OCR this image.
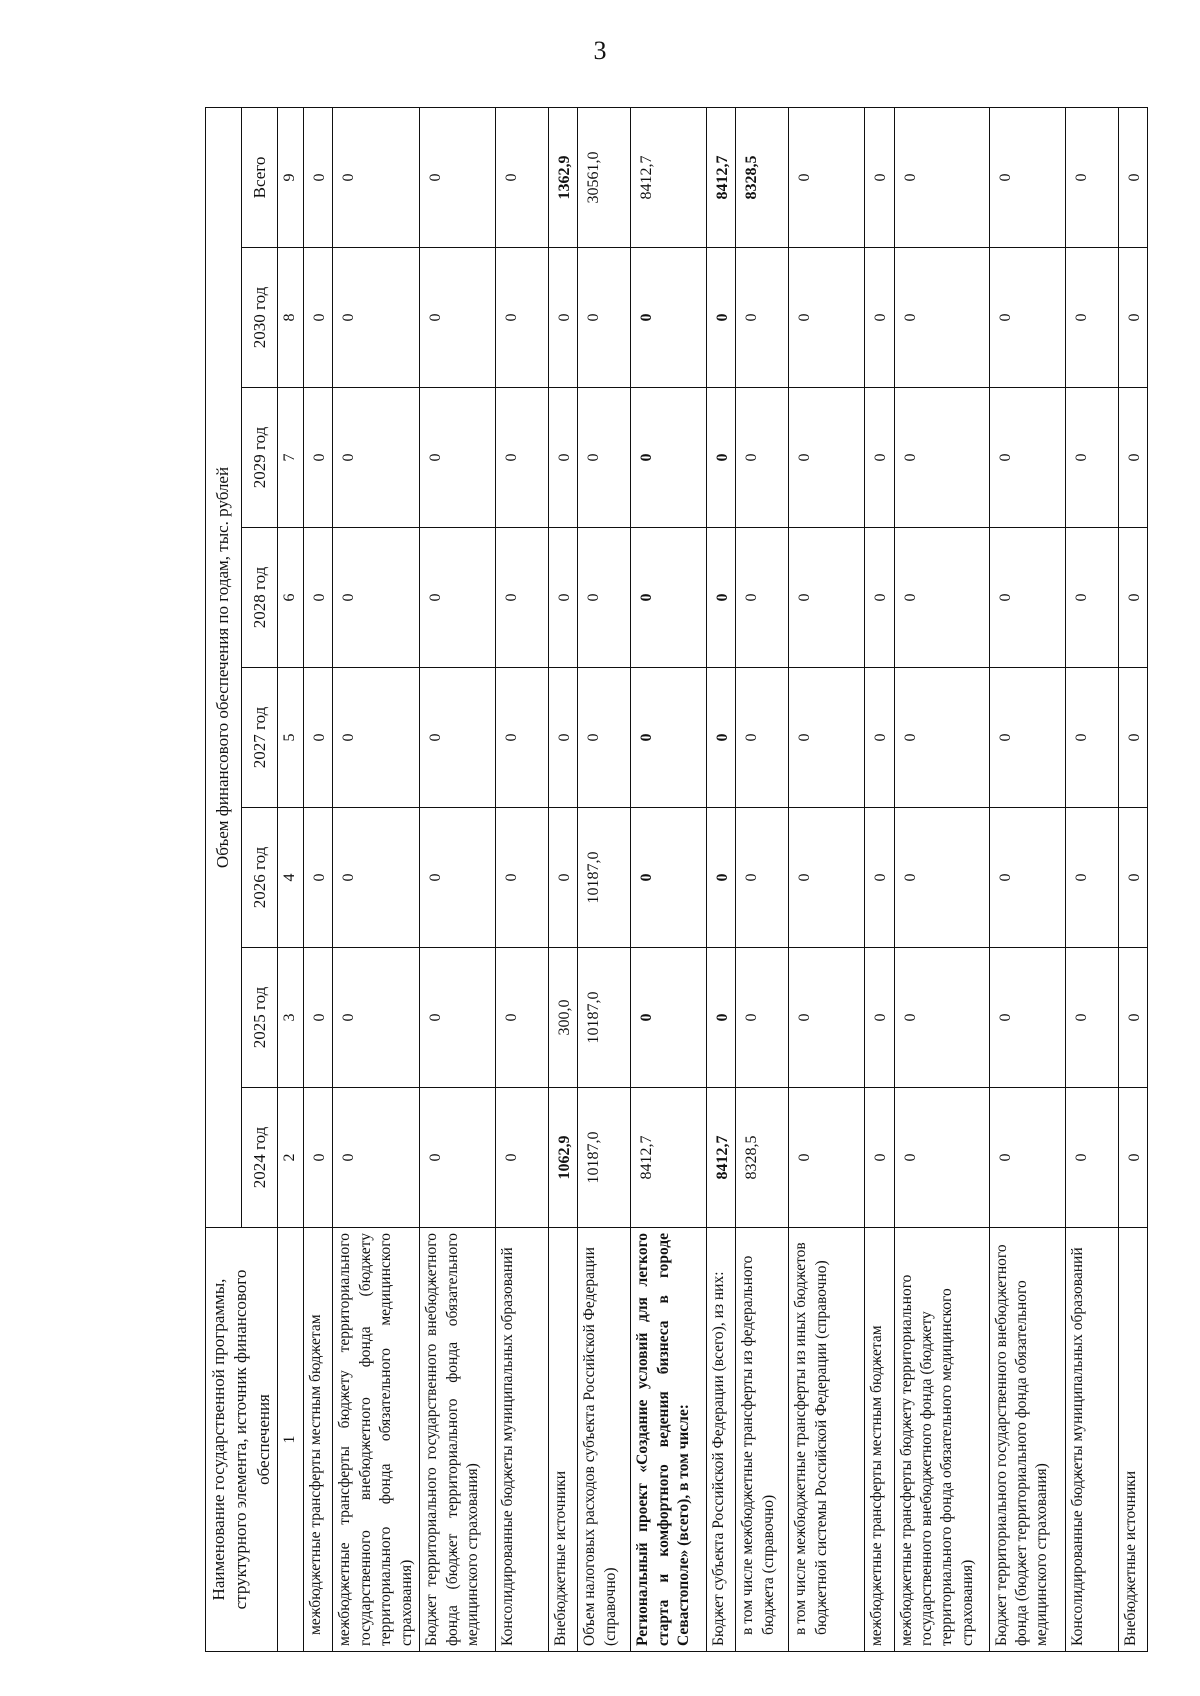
3
Наименование государственной программы, структурного элемента, источник финансового обеспечения	Объем финансового обеспечения по годам, тыс. рублей							
	2024 год	2025 год	2026 год	2027 год	2028 год	2029 год	2030 год	Всего
1	2	3	4	5	6	7	8	9
межбюджетные трансферты местным бюджетам	0	0	0	0	0	0	0	0
межбюджетные трансферты бюджету территориального государственного внебюджетного фонда (бюджету территориального фонда обязательного медицинского страхования)	0	0	0	0	0	0	0	0
Бюджет территориального государственного внебюджетного фонда (бюджет территориального фонда обязательного медицинского страхования)	0	0	0	0	0	0	0	0
Консолидированные бюджеты муниципальных образований	0	0	0	0	0	0	0	0
Внебюджетные источники	1062,9	300,0	0	0	0	0	0	1362,9
Объем налоговых расходов субъекта Российской Федерации (справочно)	10187,0	10187,0	10187,0	0	0	0	0	30561,0
Региональный проект «Создание условий для легкого старта и комфортного ведения бизнеса в городе Севастополе» (всего), в том числе:	8412,7	0	0	0	0	0	0	8412,7
Бюджет субъекта Российской Федерации (всего), из них:	8412,7	0	0	0	0	0	0	8412,7
в том числе межбюджетные трансферты из федерального бюджета (справочно)	8328,5	0	0	0	0	0	0	8328,5
в том числе межбюджетные трансферты из иных бюджетов бюджетной системы Российской Федерации (справочно)	0	0	0	0	0	0	0	0
межбюджетные трансферты местным бюджетам	0	0	0	0	0	0	0	0
межбюджетные трансферты бюджету территориального государственного внебюджетного фонда (бюджету территориального фонда обязательного медицинского страхования)	0	0	0	0	0	0	0	0
Бюджет территориального государственного внебюджетного фонда (бюджет территориального фонда обязательного медицинского страхования)	0	0	0	0	0	0	0	0
Консолидированные бюджеты муниципальных образований	0	0	0	0	0	0	0	0
Внебюджетные источники	0	0	0	0	0	0	0	0
